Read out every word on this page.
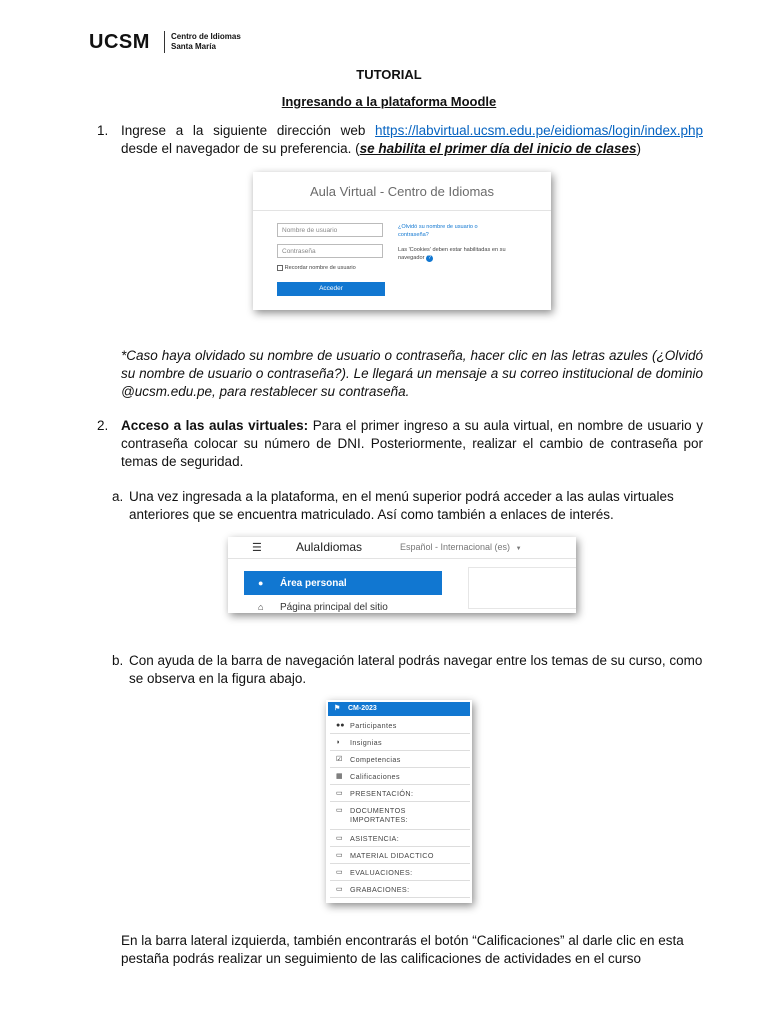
UCSM	Centro de Idiomas
Santa María
TUTORIAL
Ingresando a la plataforma Moodle
1. Ingrese a la siguiente dirección web https://labvirtual.ucsm.edu.pe/eidiomas/login/index.php desde el navegador de su preferencia. (se habilita el primer día del inicio de clases)
Aula Virtual - Centro de Idiomas
Nombre de usuario
Contraseña
Recordar nombre de usuario
Acceder
¿Olvidó su nombre de usuario o contraseña?
Las 'Cookies' deben estar habilitadas en su navegador ?
*Caso haya olvidado su nombre de usuario o contraseña, hacer clic en las letras azules (¿Olvidó su nombre de usuario o contraseña?). Le llegará un mensaje a su correo institucional de dominio @ucsm.edu.pe, para restablecer su contraseña.
2. Acceso a las aulas virtuales: Para el primer ingreso a su aula virtual, en nombre de usuario y contraseña colocar su número de DNI. Posteriormente, realizar el cambio de contraseña por temas de seguridad.
a. Una vez ingresada a la plataforma, en el menú superior podrá acceder a las aulas virtuales anteriores que se encuentra matriculado. Así como también a enlaces de interés.
☰	AulaIdiomas	Español - Internacional (es) ▼
● Área personal
⌂ Página principal del sitio
b. Con ayuda de la barra de navegación lateral podrás navegar entre los temas de su curso, como se observa en la figura abajo.
⚑ CM-2023
●● Participantes
◗ Insignias
☑ Competencias
▦ Calificaciones
▭ PRESENTACIÓN:
▭ DOCUMENTOS IMPORTANTES:
▭ ASISTENCIA:
▭ MATERIAL DIDACTICO
▭ EVALUACIONES:
▭ GRABACIONES:
En la barra lateral izquierda, también encontrarás el botón “Calificaciones” al darle clic en esta pestaña podrás realizar un seguimiento de las calificaciones de actividades en el curso
